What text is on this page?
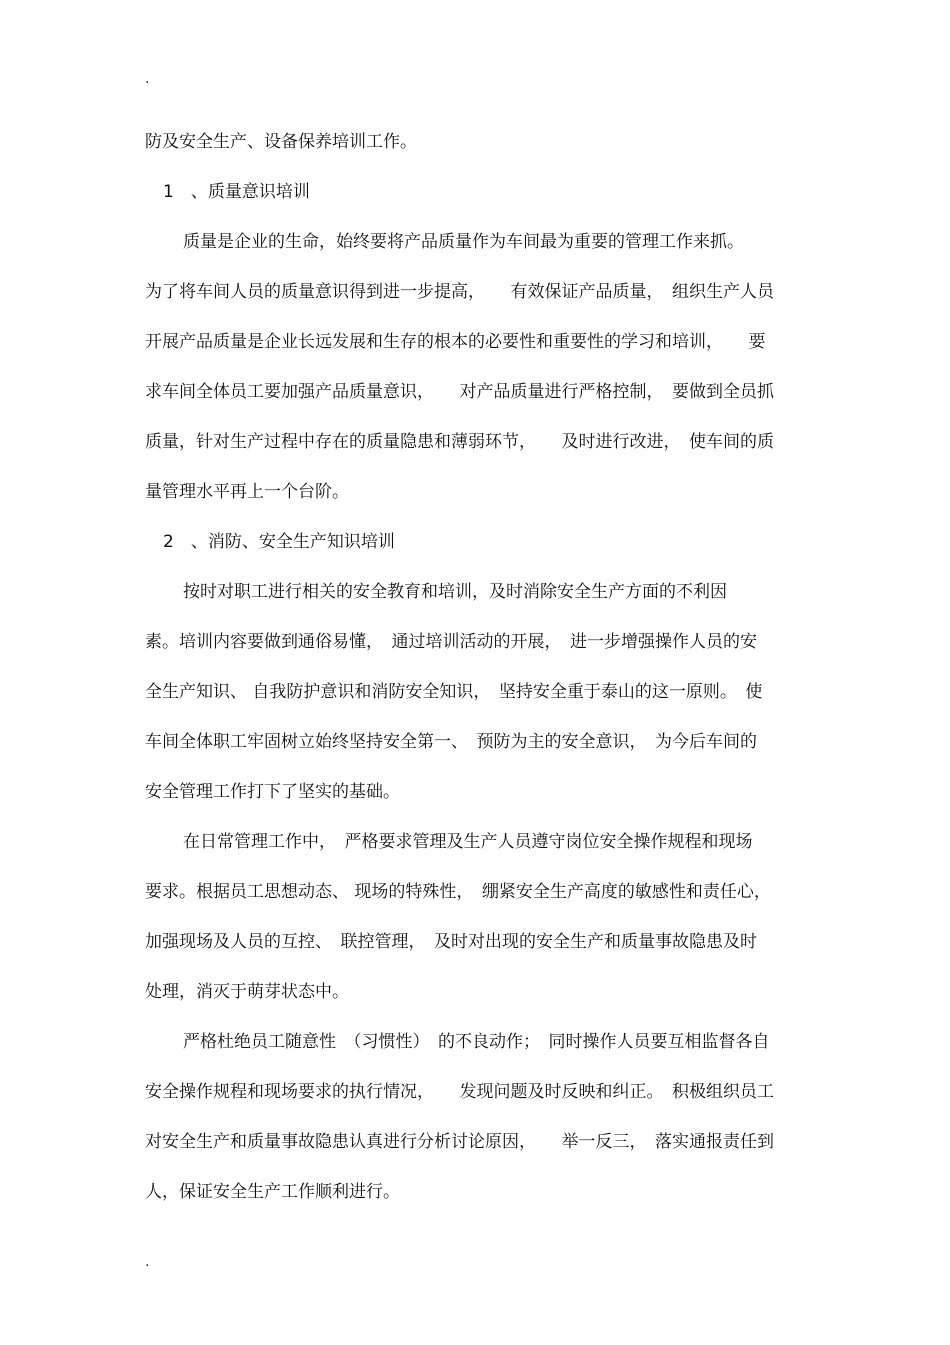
.
防及安全生产、设备保养培训工作。
1　、质量意识培训
质量是企业的生命，始终要将产品质量作为车间最为重要的管理工作来抓。
为了将车间人员的质量意识得到进一步提高，　　有效保证产品质量，　组织生产人员
开展产品质量是企业长远发展和生存的根本的必要性和重要性的学习和培训，　　要
求车间全体员工要加强产品质量意识，　　对产品质量进行严格控制，　要做到全员抓
质量，针对生产过程中存在的质量隐患和薄弱环节，　　及时进行改进，　使车间的质
量管理水平再上一个台阶。
2　、消防、安全生产知识培训
按时对职工进行相关的安全教育和培训，及时消除安全生产方面的不利因
素。培训内容要做到通俗易懂，　通过培训活动的开展，　进一步增强操作人员的安
全生产知识、 自我防护意识和消防安全知识，　坚持安全重于泰山的这一原则。　使
车间全体职工牢固树立始终坚持安全第一、　预防为主的安全意识，　为今后车间的
安全管理工作打下了坚实的基础。
在日常管理工作中，　严格要求管理及生产人员遵守岗位安全操作规程和现场
要求。根据员工思想动态、 现场的特殊性，　绷紧安全生产高度的敏感性和责任心，
加强现场及人员的互控、　联控管理，　及时对出现的安全生产和质量事故隐患及时
处理，消灭于萌芽状态中。
严格杜绝员工随意性　（习惯性）　的不良动作；　同时操作人员要互相监督各自
安全操作规程和现场要求的执行情况，　　发现问题及时反映和纠正。　积极组织员工
对安全生产和质量事故隐患认真进行分析讨论原因，　　举一反三，　落实通报责任到
人，保证安全生产工作顺利进行。
.
